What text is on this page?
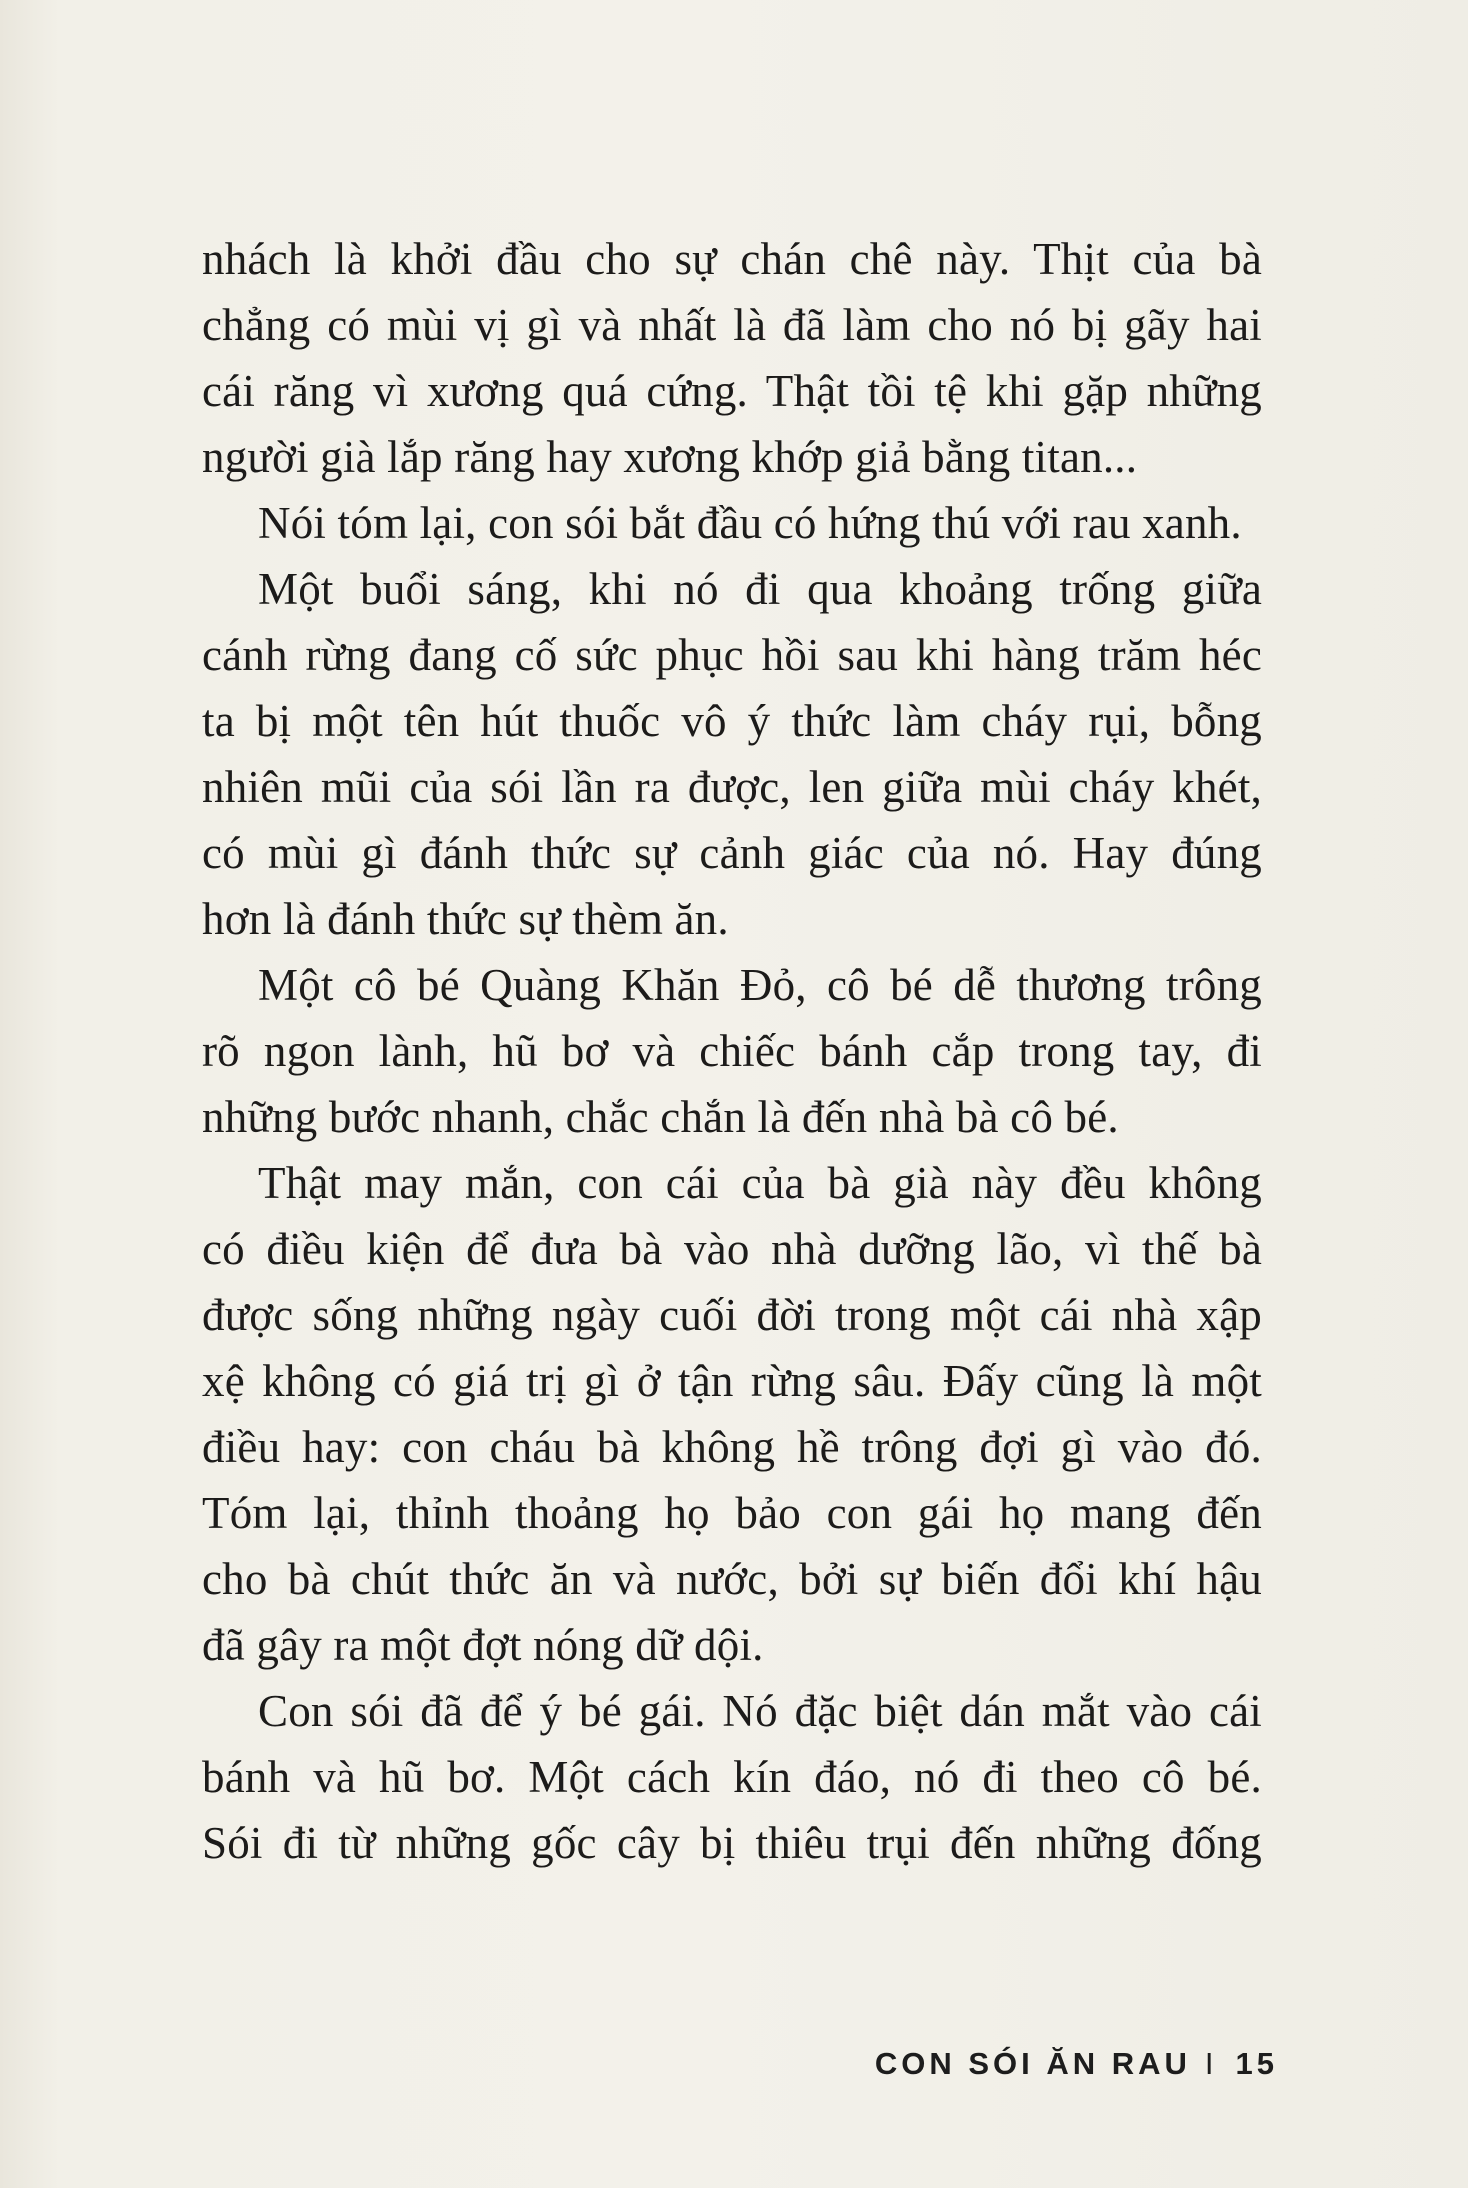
nhách là khởi đầu cho sự chán chê này. Thịt của bà
chẳng có mùi vị gì và nhất là đã làm cho nó bị gãy hai
cái răng vì xương quá cứng. Thật tồi tệ khi gặp những
người già lắp răng hay xương khớp giả bằng titan...
Nói tóm lại, con sói bắt đầu có hứng thú với rau xanh.
Một buổi sáng, khi nó đi qua khoảng trống giữa
cánh rừng đang cố sức phục hồi sau khi hàng trăm héc
ta bị một tên hút thuốc vô ý thức làm cháy rụi, bỗng
nhiên mũi của sói lần ra được, len giữa mùi cháy khét,
có mùi gì đánh thức sự cảnh giác của nó. Hay đúng
hơn là đánh thức sự thèm ăn.
Một cô bé Quàng Khăn Đỏ, cô bé dễ thương trông
rõ ngon lành, hũ bơ và chiếc bánh cắp trong tay, đi
những bước nhanh, chắc chắn là đến nhà bà cô bé.
Thật may mắn, con cái của bà già này đều không
có điều kiện để đưa bà vào nhà dưỡng lão, vì thế bà
được sống những ngày cuối đời trong một cái nhà xập
xệ không có giá trị gì ở tận rừng sâu. Đấy cũng là một
điều hay: con cháu bà không hề trông đợi gì vào đó.
Tóm lại, thỉnh thoảng họ bảo con gái họ mang đến
cho bà chút thức ăn và nước, bởi sự biến đổi khí hậu
đã gây ra một đợt nóng dữ dội.
Con sói đã để ý bé gái. Nó đặc biệt dán mắt vào cái
bánh và hũ bơ. Một cách kín đáo, nó đi theo cô bé.
Sói đi từ những gốc cây bị thiêu trụi đến những đống
CON SÓI ĂN RAU I 15
